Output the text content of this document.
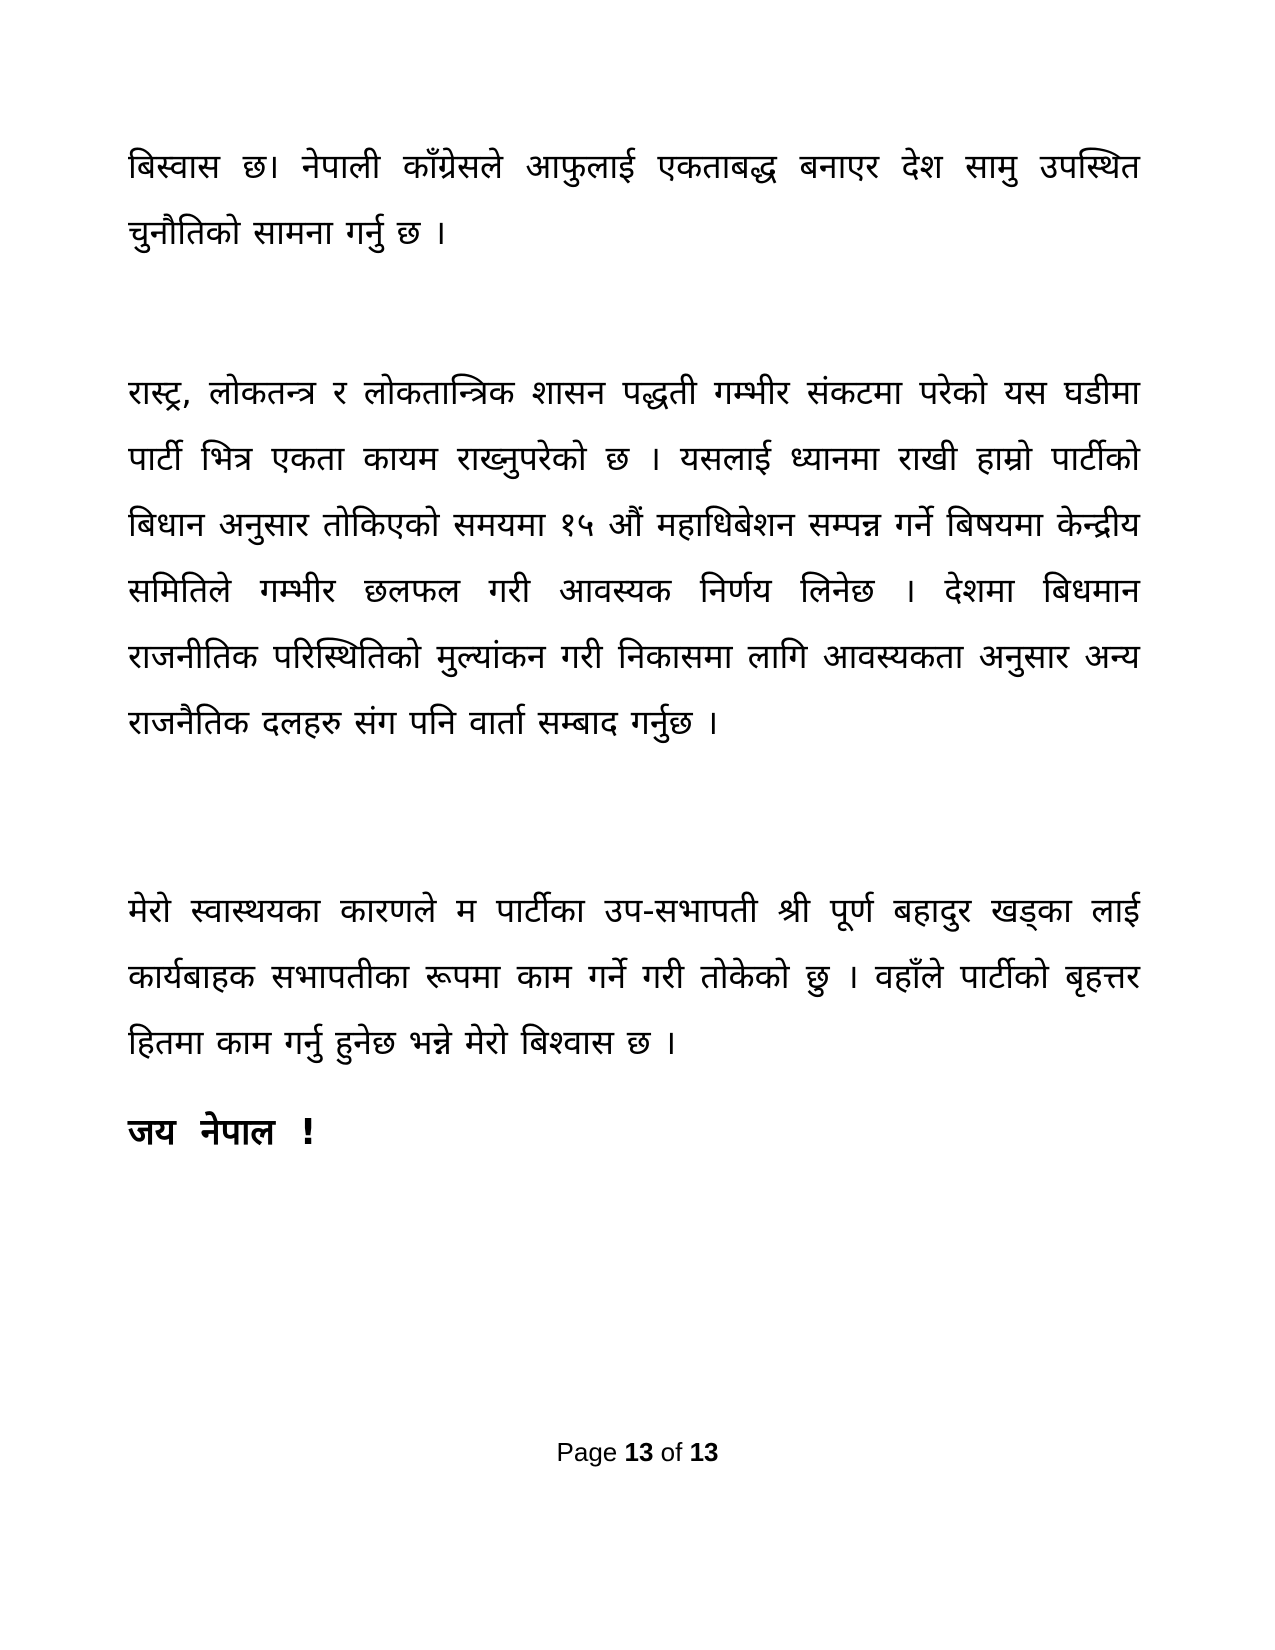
बिस्वास छ। नेपाली काँग्रेसले आफुलाई एकताबद्ध बनाएर देश सामु उपस्थित चुनौतिको सामना गर्नु छ ।

रास्ट्र, लोकतन्त्र र लोकतान्त्रिक शासन पद्धती गम्भीर संकटमा परेको यस घडीमा पार्टी भित्र एकता कायम राख्नुपरेको छ । यसलाई ध्यानमा राखी हाम्रो पार्टीको बिधान अनुसार तोकिएको समयमा १५ औं महाधिबेशन सम्पन्न गर्ने बिषयमा केन्द्रीय समितिले गम्भीर छलफल गरी आवस्यक निर्णय लिनेछ । देशमा बिधमान राजनीतिक परिस्थितिको मुल्यांकन गरी निकासमा लागि आवस्यकता अनुसार अन्य राजनैतिक दलहरु संग पनि वार्ता सम्बाद गर्नुछ ।

मेरो स्वास्थयका कारणले म पार्टीका उप-सभापती श्री पूर्ण बहादुर खड्का लाई कार्यबाहक सभापतीका रूपमा काम गर्ने गरी तोकेको छु । वहाँले पार्टीको बृहत्तर हितमा काम गर्नु हुनेछ भन्ने मेरो बिश्वास छ ।

जय  नेपाल  !

Page 13 of 13
